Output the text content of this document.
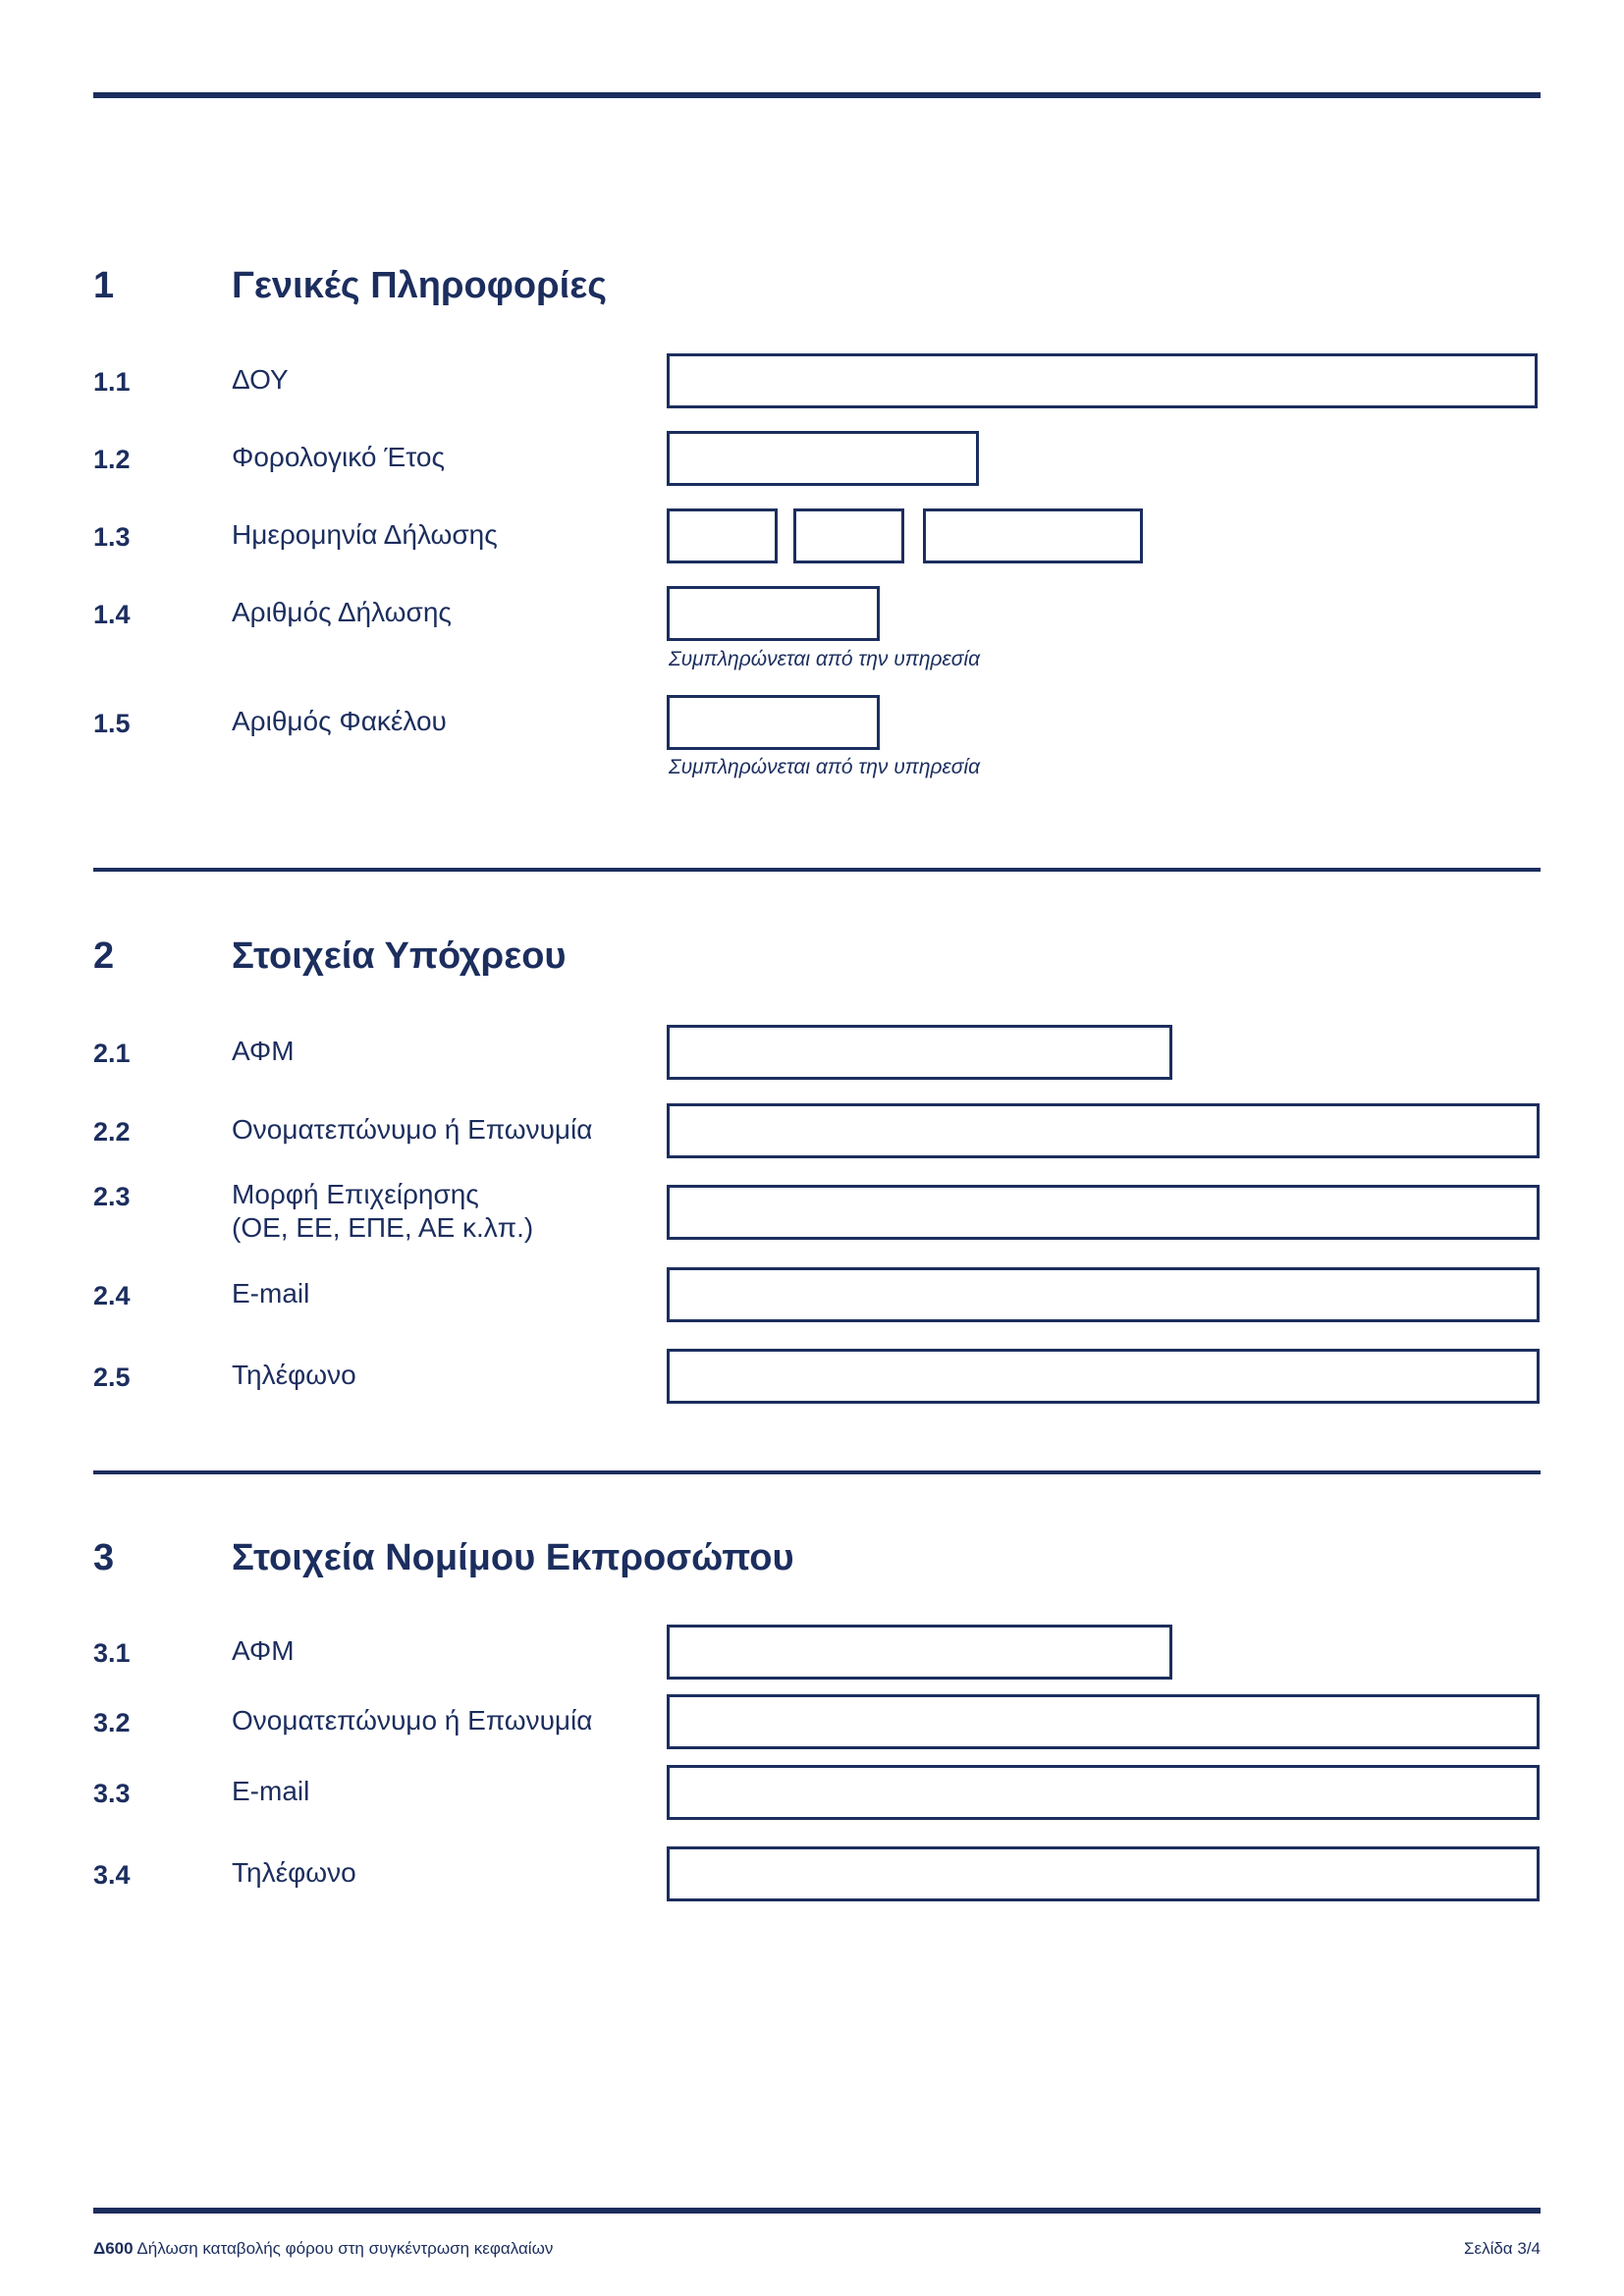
1	Γενικές Πληροφορίες
1.1	ΔΟΥ
1.2	Φορολογικό Έτος
1.3	Ημερομηνία Δήλωσης
1.4	Αριθμός Δήλωσης
Συμπληρώνεται από την υπηρεσία
1.5	Αριθμός Φακέλου
Συμπληρώνεται από την υπηρεσία
2	Στοιχεία Υπόχρεου
2.1	ΑΦΜ
2.2	Ονοματεπώνυμο ή Επωνυμία
2.3	Μορφή Επιχείρησης
(ΟΕ, ΕΕ, ΕΠΕ, ΑΕ κ.λπ.)
2.4	E-mail
2.5	Τηλέφωνο
3	Στοιχεία Νομίμου Εκπροσώπου
3.1	ΑΦΜ
3.2	Ονοματεπώνυμο ή Επωνυμία
3.3	E-mail
3.4	Τηλέφωνο
Δ600 Δήλωση καταβολής φόρου στη συγκέντρωση κεφαλαίων	Σελίδα 3/4
